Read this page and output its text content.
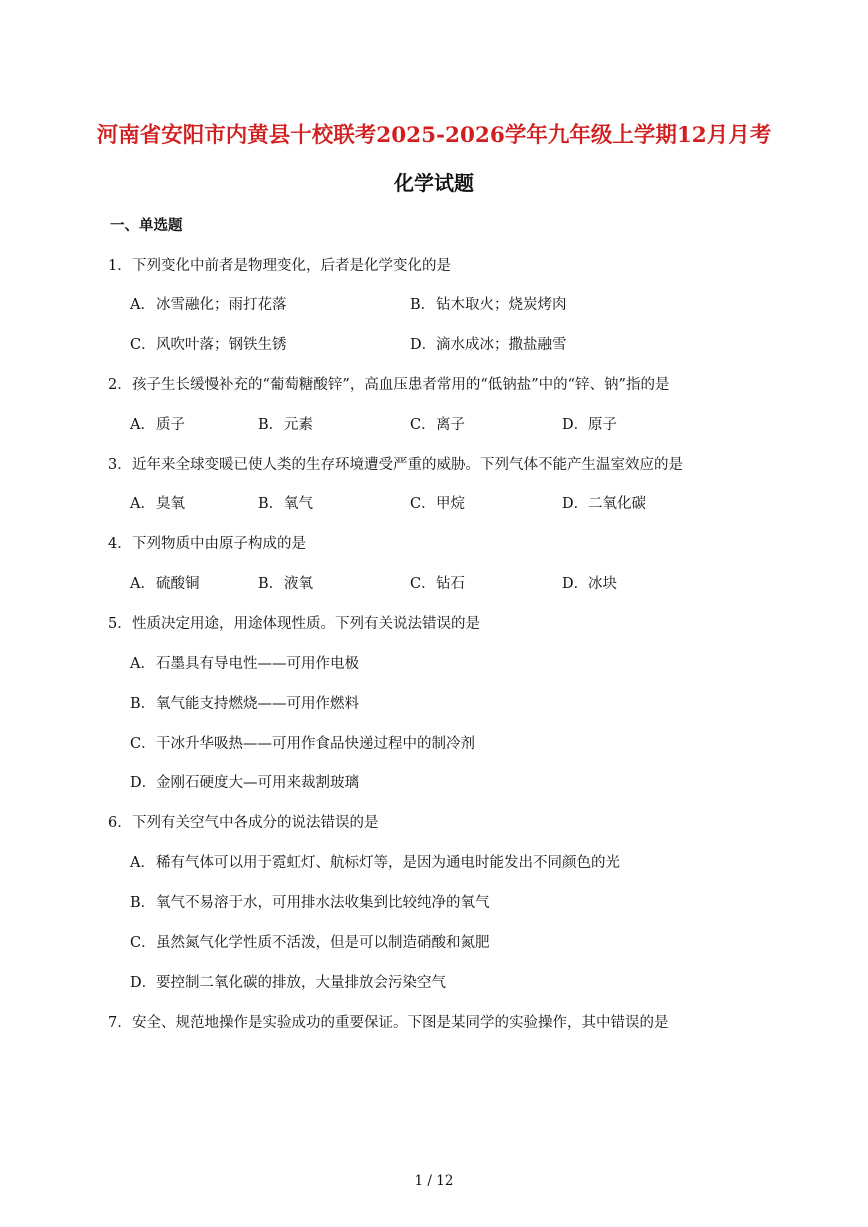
河南省安阳市内黄县十校联考2025-2026学年九年级上学期12月月考
化学试题
一、单选题
1．下列变化中前者是物理变化，后者是化学变化的是
A．冰雪融化；雨打花落	B．钻木取火；烧炭烤肉
C．风吹叶落；钢铁生锈	D．滴水成冰；撒盐融雪
2．孩子生长缓慢补充的“葡萄糖酸锌”，高血压患者常用的“低钠盐”中的“锌、钠”指的是
A．质子	B．元素	C．离子	D．原子
3．近年来全球变暖已使人类的生存环境遭受严重的威胁。下列气体不能产生温室效应的是
A．臭氧	B．氧气	C．甲烷	D．二氧化碳
4．下列物质中由原子构成的是
A．硫酸铜	B．液氧	C．钻石	D．冰块
5．性质决定用途，用途体现性质。下列有关说法错误的是
A．石墨具有导电性——可用作电极
B．氧气能支持燃烧——可用作燃料
C．干冰升华吸热——可用作食品快递过程中的制冷剂
D．金刚石硬度大—可用来裁割玻璃
6．下列有关空气中各成分的说法错误的是
A．稀有气体可以用于霓虹灯、航标灯等，是因为通电时能发出不同颜色的光
B．氧气不易溶于水，可用排水法收集到比较纯净的氧气
C．虽然氮气化学性质不活泼，但是可以制造硝酸和氮肥
D．要控制二氧化碳的排放，大量排放会污染空气
7．安全、规范地操作是实验成功的重要保证。下图是某同学的实验操作，其中错误的是
1 / 12
